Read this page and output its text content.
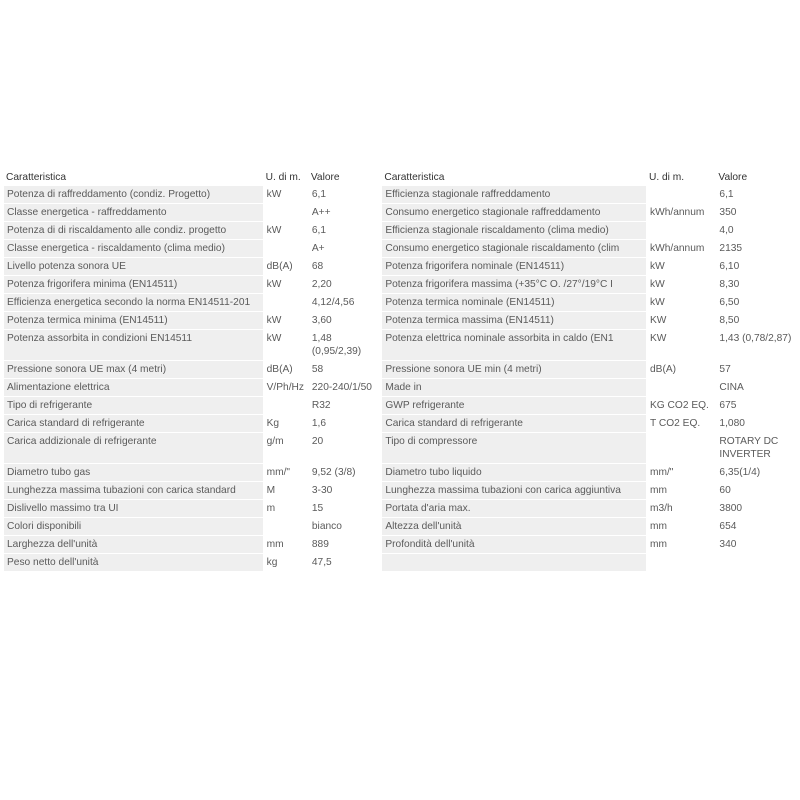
Caratteristica	U. di m.	Valore	Caratteristica	U. di m.	Valore
Potenza di raffreddamento (condiz. Progetto)	kW	6,1	Efficienza stagionale raffreddamento		6,1
Classe energetica - raffreddamento		A++	Consumo energetico stagionale raffreddamento	kWh/annum	350
Potenza di di riscaldamento alle condiz. progetto	kW	6,1	Efficienza stagionale riscaldamento (clima medio)		4,0
Classe energetica - riscaldamento (clima medio)		A+	Consumo energetico stagionale riscaldamento (clim	kWh/annum	2135
Livello potenza sonora UE	dB(A)	68	Potenza frigorifera nominale (EN14511)	kW	6,10
Potenza frigorifera minima (EN14511)	kW	2,20	Potenza frigorifera massima (+35°C O. /27°/19°C I	kW	8,30
Efficienza energetica secondo la norma EN14511-201		4,12/4,56	Potenza termica nominale (EN14511)	kW	6,50
Potenza termica minima (EN14511)	kW	3,60	Potenza termica massima (EN14511)	KW	8,50
Potenza assorbita in condizioni EN14511	kW	1,48 (0,95/2,39)	Potenza elettrica nominale assorbita in caldo (EN1	KW	1,43 (0,78/2,87)
Pressione sonora UE max (4 metri)	dB(A)	58	Pressione sonora UE min (4 metri)	dB(A)	57
Alimentazione elettrica	V/Ph/Hz	220-240/1/50	Made in		CINA
Tipo di refrigerante		R32	GWP refrigerante	KG CO2 EQ.	675
Carica standard di refrigerante	Kg	1,6	Carica standard di refrigerante	T CO2 EQ.	1,080
Carica addizionale di refrigerante	g/m	20	Tipo di compressore		ROTARY DC INVERTER
Diametro tubo gas	mm/"	9,52 (3/8)	Diametro tubo liquido	mm/"	6,35(1/4)
Lunghezza massima tubazioni con carica standard	M	3-30	Lunghezza massima tubazioni con carica aggiuntiva	mm	60
Dislivello massimo tra UI	m	15	Portata d'aria max.	m3/h	3800
Colori disponibili		bianco	Altezza dell'unità	mm	654
Larghezza dell'unità	mm	889	Profondità dell'unità	mm	340
Peso netto dell'unità	kg	47,5			
